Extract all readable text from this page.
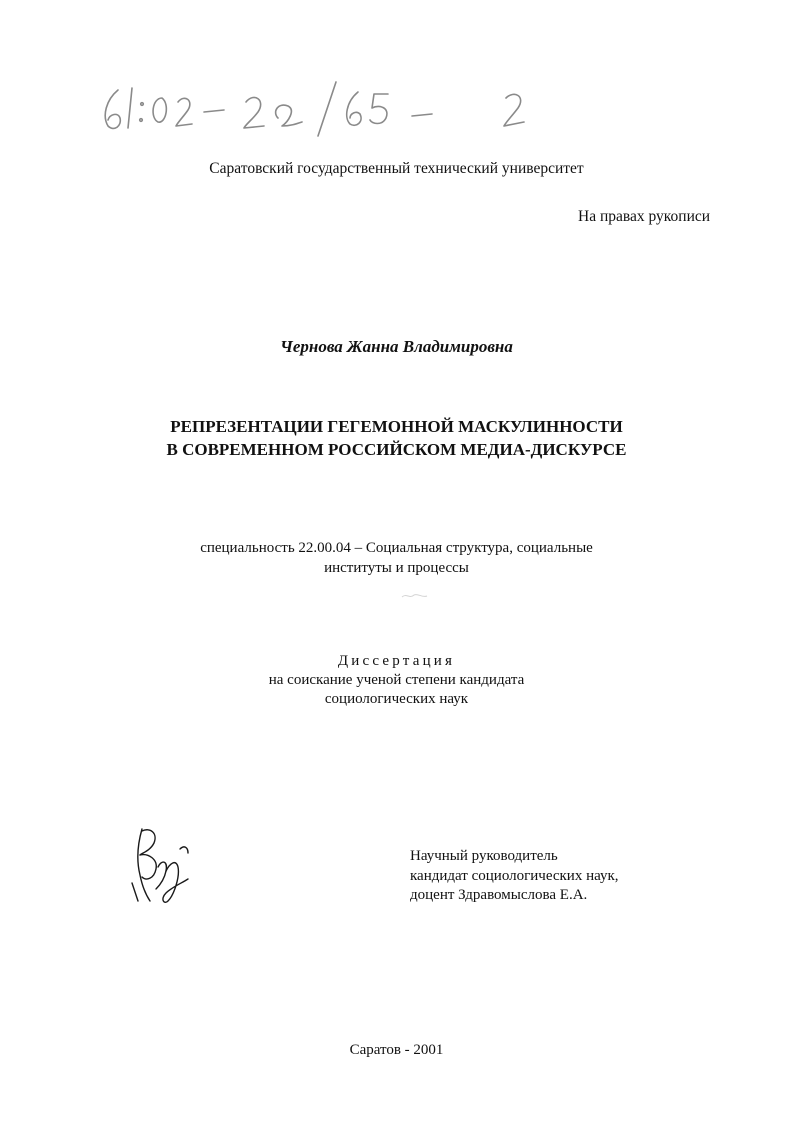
Саратовский государственный технический университет
На правах рукописи
Чернова Жанна Владимировна
РЕПРЕЗЕНТАЦИИ ГЕГЕМОННОЙ МАСКУЛИННОСТИ
В СОВРЕМЕННОМ РОССИЙСКОМ МЕДИА-ДИСКУРСЕ
специальность 22.00.04 – Социальная структура, социальные
институты и процессы
Диссертация
на соискание ученой степени кандидата
социологических наук
Научный руководитель
кандидат социологических наук,
доцент Здравомыслова Е.А.
Саратов - 2001
